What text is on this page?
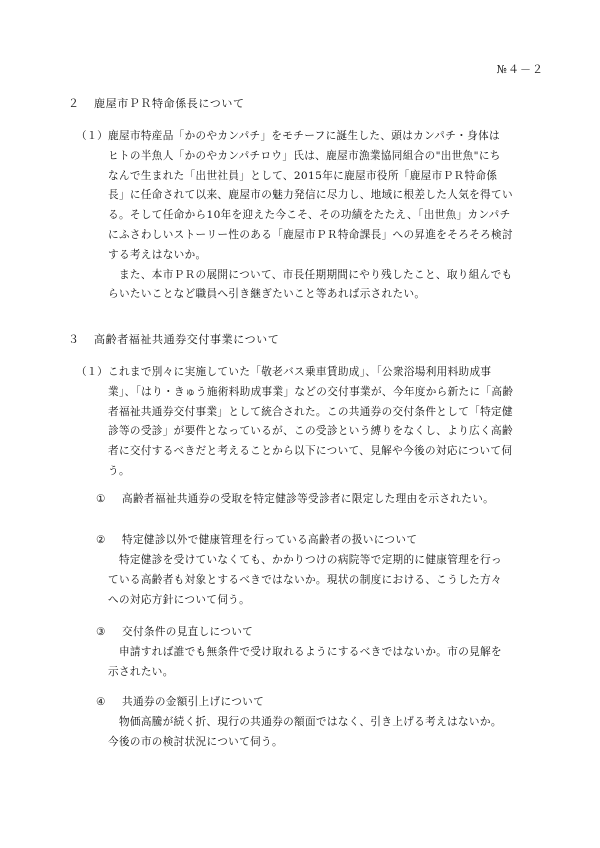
№４－２
２ 鹿屋市ＰＲ特命係長について
（１） 鹿屋市特産品「かのやカンパチ」をモチーフに誕生した、頭はカンパチ・身体は
ヒトの半魚人「かのやカンパチロウ」氏は、鹿屋市漁業協同組合の"出世魚"にち
なんで生まれた「出世社員」として、2015年に鹿屋市役所「鹿屋市ＰＲ特命係
長」に任命されて以来、鹿屋市の魅力発信に尽力し、地域に根差した人気を得てい
る。そして任命から10年を迎えた今こそ、その功績をたたえ、「出世魚」カンパチ
にふさわしいストーリー性のある「鹿屋市ＰＲ特命課長」への昇進をそろそろ検討
する考えはないか。
　また、本市ＰＲの展開について、市長任期期間にやり残したこと、取り組んでも
らいたいことなど職員へ引き継ぎたいこと等あれば示されたい。
３ 高齢者福祉共通券交付事業について
（１） これまで別々に実施していた「敬老バス乗車賃助成」、「公衆浴場利用料助成事
業」、「はり・きゅう施術料助成事業」などの交付事業が、今年度から新たに「高齢
者福祉共通券交付事業」として統合された。この共通券の交付条件として「特定健
診等の受診」が要件となっているが、この受診という縛りをなくし、より広く高齢
者に交付するべきだと考えることから以下について、見解や今後の対応について伺
う。
① 高齢者福祉共通券の受取を特定健診等受診者に限定した理由を示されたい。
② 特定健診以外で健康管理を行っている高齢者の扱いについて
　特定健診を受けていなくても、かかりつけの病院等で定期的に健康管理を行っ
ている高齢者も対象とするべきではないか。現状の制度における、こうした方々
への対応方針について伺う。
③ 交付条件の見直しについて
　申請すれば誰でも無条件で受け取れるようにするべきではないか。市の見解を
示されたい。
④ 共通券の金額引上げについて
　物価高騰が続く折、現行の共通券の額面ではなく、引き上げる考えはないか。
今後の市の検討状況について伺う。
